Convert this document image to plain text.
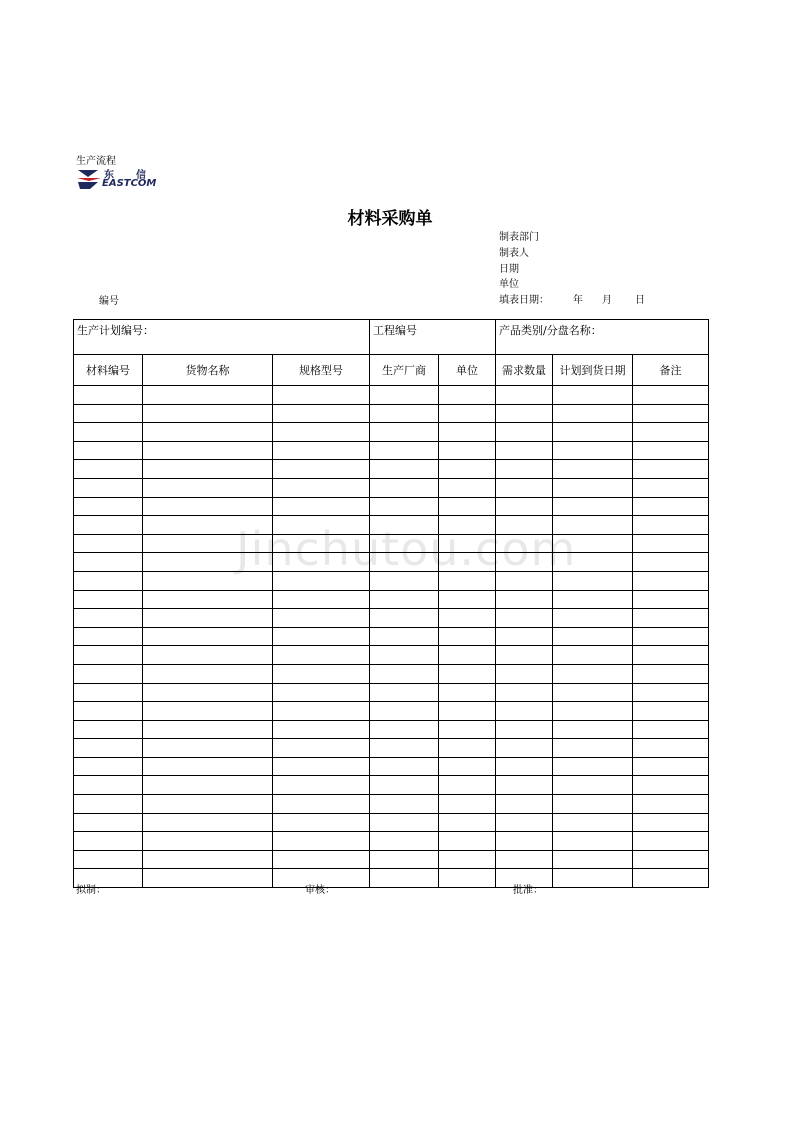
生产流程
东信
EASTCOM
材料采购单
制表部门
制表人
日期
单位
填表日期： 年 月 日
编号
生产计划编号：			工程编号		产品类别/分盘名称：		
材料编号	货物名称	规格型号	生产厂商	单位	需求数量	计划到货日期	备注

Jinchutou.com
拟制：	审核：	批准：
